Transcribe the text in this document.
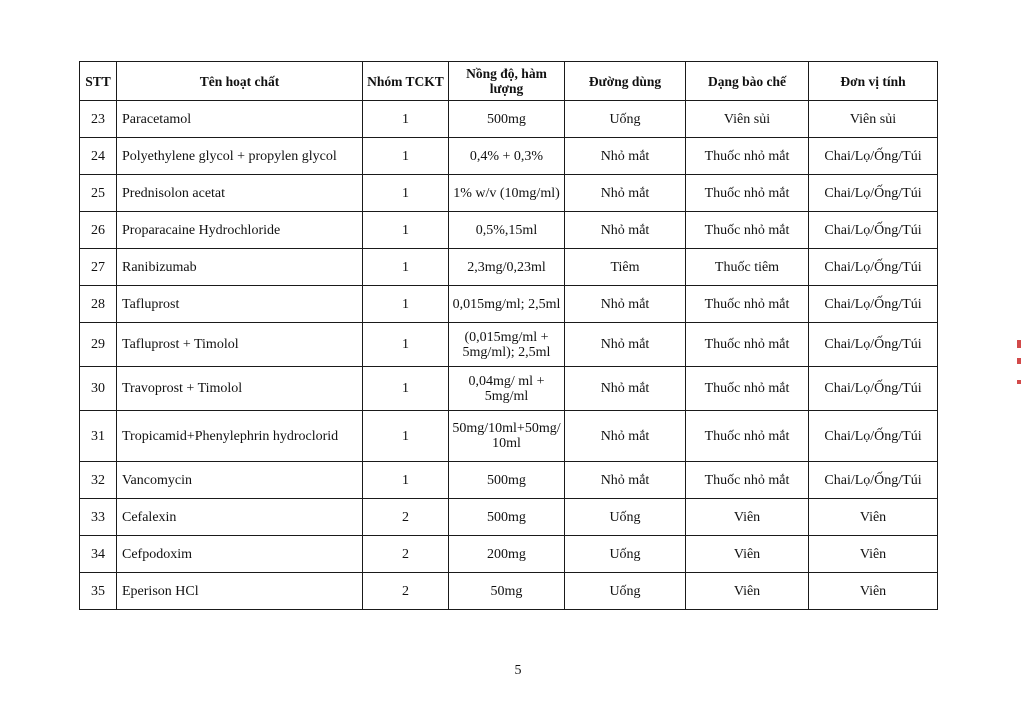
STT	Tên hoạt chất	Nhóm TCKT	Nồng độ, hàm lượng	Đường dùng	Dạng bào chế	Đơn vị tính
23	Paracetamol	1	500mg	Uống	Viên sủi	Viên sủi
24	Polyethylene glycol + propylen glycol	1	0,4% + 0,3%	Nhỏ mắt	Thuốc nhỏ mắt	Chai/Lọ/Ống/Túi
25	Prednisolon acetat	1	1% w/v (10mg/ml)	Nhỏ mắt	Thuốc nhỏ mắt	Chai/Lọ/Ống/Túi
26	Proparacaine Hydrochloride	1	0,5%,15ml	Nhỏ mắt	Thuốc nhỏ mắt	Chai/Lọ/Ống/Túi
27	Ranibizumab	1	2,3mg/0,23ml	Tiêm	Thuốc tiêm	Chai/Lọ/Ống/Túi
28	Tafluprost	1	0,015mg/ml; 2,5ml	Nhỏ mắt	Thuốc nhỏ mắt	Chai/Lọ/Ống/Túi
29	Tafluprost + Timolol	1	(0,015mg/ml + 5mg/ml); 2,5ml	Nhỏ mắt	Thuốc nhỏ mắt	Chai/Lọ/Ống/Túi
30	Travoprost + Timolol	1	0,04mg/ ml + 5mg/ml	Nhỏ mắt	Thuốc nhỏ mắt	Chai/Lọ/Ống/Túi
31	Tropicamid+Phenylephrin hydroclorid	1	50mg/10ml+50mg/ 10ml	Nhỏ mắt	Thuốc nhỏ mắt	Chai/Lọ/Ống/Túi
32	Vancomycin	1	500mg	Nhỏ mắt	Thuốc nhỏ mắt	Chai/Lọ/Ống/Túi
33	Cefalexin	2	500mg	Uống	Viên	Viên
34	Cefpodoxim	2	200mg	Uống	Viên	Viên
35	Eperison HCl	2	50mg	Uống	Viên	Viên
5
